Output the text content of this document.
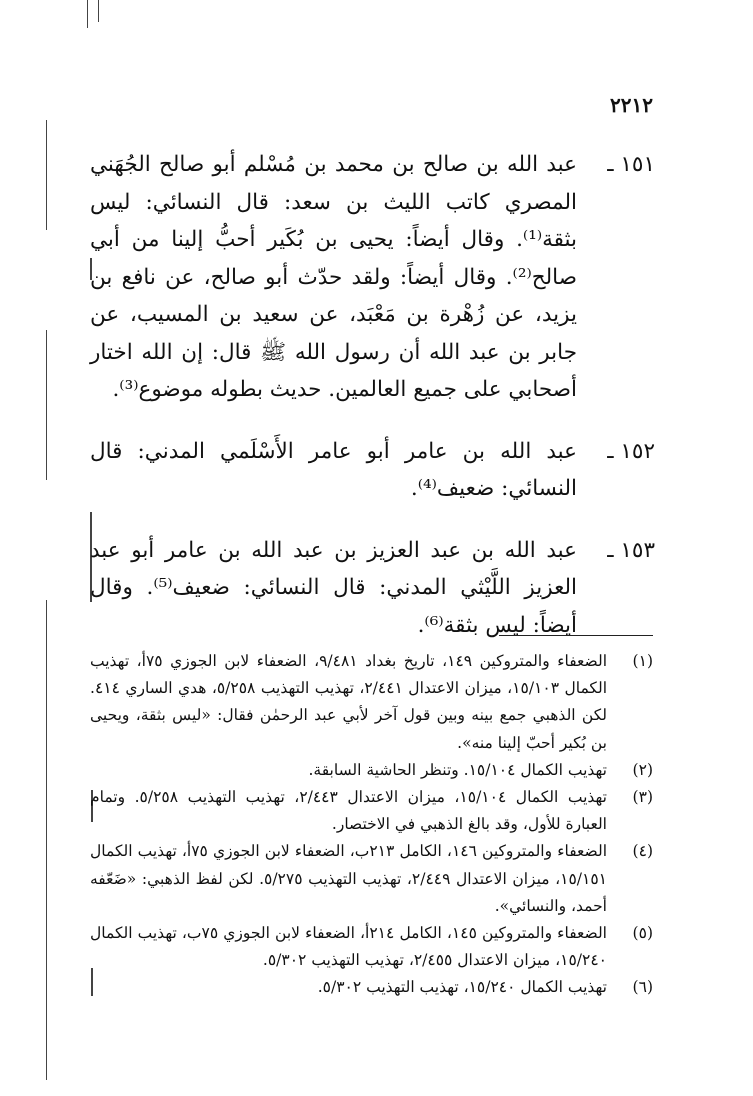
٢٢١٢
١٥١ ـ
عبد الله بن صالح بن محمد بن مُسْلم أبو صالح الجُهَني المصري كاتب الليث بن سعد: قال النسائي: ليس بثقة⁽¹⁾. وقال أيضاً: يحيى بن بُكَير أحبُّ إلينا من أبي صالح⁽²⁾. وقال أيضاً: ولقد حدّث أبو صالح، عن نافع بن يزيد، عن زُهْرة بن مَعْبَد، عن سعيد بن المسيب، عن جابر بن عبد الله أن رسول الله ﷺ قال: إن الله اختار أصحابي على جميع العالمين. حديث بطوله موضوع⁽³⁾.
١٥٢ ـ
عبد الله بن عامر أبو عامر الأَسْلَمي المدني: قال النسائي: ضعيف⁽⁴⁾.
١٥٣ ـ
عبد الله بن عبد العزيز بن عبد الله بن عامر أبو عبد العزيز اللَّيْثي المدني: قال النسائي: ضعيف⁽⁵⁾. وقال أيضاً: ليس بثقة⁽⁶⁾.
(١)
الضعفاء والمتروكين ١٤٩، تاريخ بغداد ٩/٤٨١، الضعفاء لابن الجوزي ٧٥أ، تهذيب الكمال ١٥/١٠٣، ميزان الاعتدال ٢/٤٤١، تهذيب التهذيب ٥/٢٥٨، هدي الساري ٤١٤. لكن الذهبي جمع بينه وبين قول آخر لأبي عبد الرحمٰن فقال: «ليس بثقة، ويحيى بن بُكير أحبّ إلينا منه».
(٢)
تهذيب الكمال ١٥/١٠٤. وتنظر الحاشية السابقة.
(٣)
تهذيب الكمال ١٥/١٠٤، ميزان الاعتدال ٢/٤٤٣، تهذيب التهذيب ٥/٢٥٨. وتمام العبارة للأول، وقد بالغ الذهبي في الاختصار.
(٤)
الضعفاء والمتروكين ١٤٦، الكامل ٢١٣ب، الضعفاء لابن الجوزي ٧٥أ، تهذيب الكمال ١٥/١٥١، ميزان الاعتدال ٢/٤٤٩، تهذيب التهذيب ٥/٢٧٥. لكن لفظ الذهبي: «ضَعّفه أحمد، والنسائي».
(٥)
الضعفاء والمتروكين ١٤٥، الكامل ٢١٤أ، الضعفاء لابن الجوزي ٧٥ب، تهذيب الكمال ١٥/٢٤٠، ميزان الاعتدال ٢/٤٥٥، تهذيب التهذيب ٥/٣٠٢.
(٦)
تهذيب الكمال ١٥/٢٤٠، تهذيب التهذيب ٥/٣٠٢.
